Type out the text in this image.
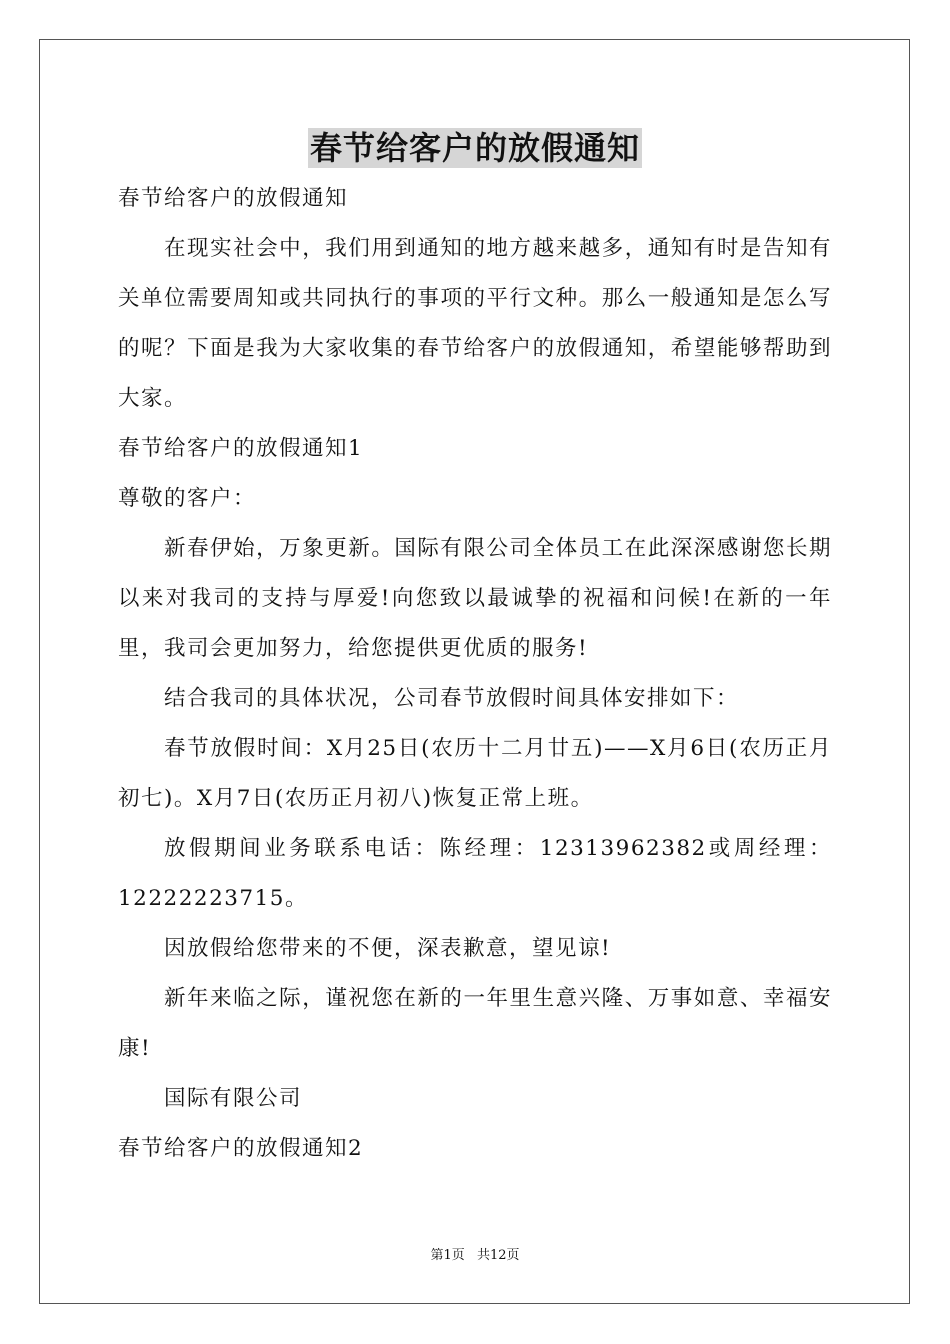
春节给客户的放假通知

春节给客户的放假通知

在现实社会中，我们用到通知的地方越来越多，通知有时是告知有关单位需要周知或共同执行的事项的平行文种。那么一般通知是怎么写的呢？下面是我为大家收集的春节给客户的放假通知，希望能够帮助到大家。

春节给客户的放假通知1

尊敬的客户：

新春伊始，万象更新。国际有限公司全体员工在此深深感谢您长期以来对我司的支持与厚爱!向您致以最诚挚的祝福和问候!在新的一年里，我司会更加努力，给您提供更优质的服务!

结合我司的具体状况，公司春节放假时间具体安排如下：

春节放假时间：X月25日(农历十二月廿五)——X月6日(农历正月初七)。X月7日(农历正月初八)恢复正常上班。

放假期间业务联系电话：陈经理：12313962382或周经理：12222223715。

因放假给您带来的不便，深表歉意，望见谅!

新年来临之际，谨祝您在新的一年里生意兴隆、万事如意、幸福安康!

国际有限公司

春节给客户的放假通知2

第1页 共12页
